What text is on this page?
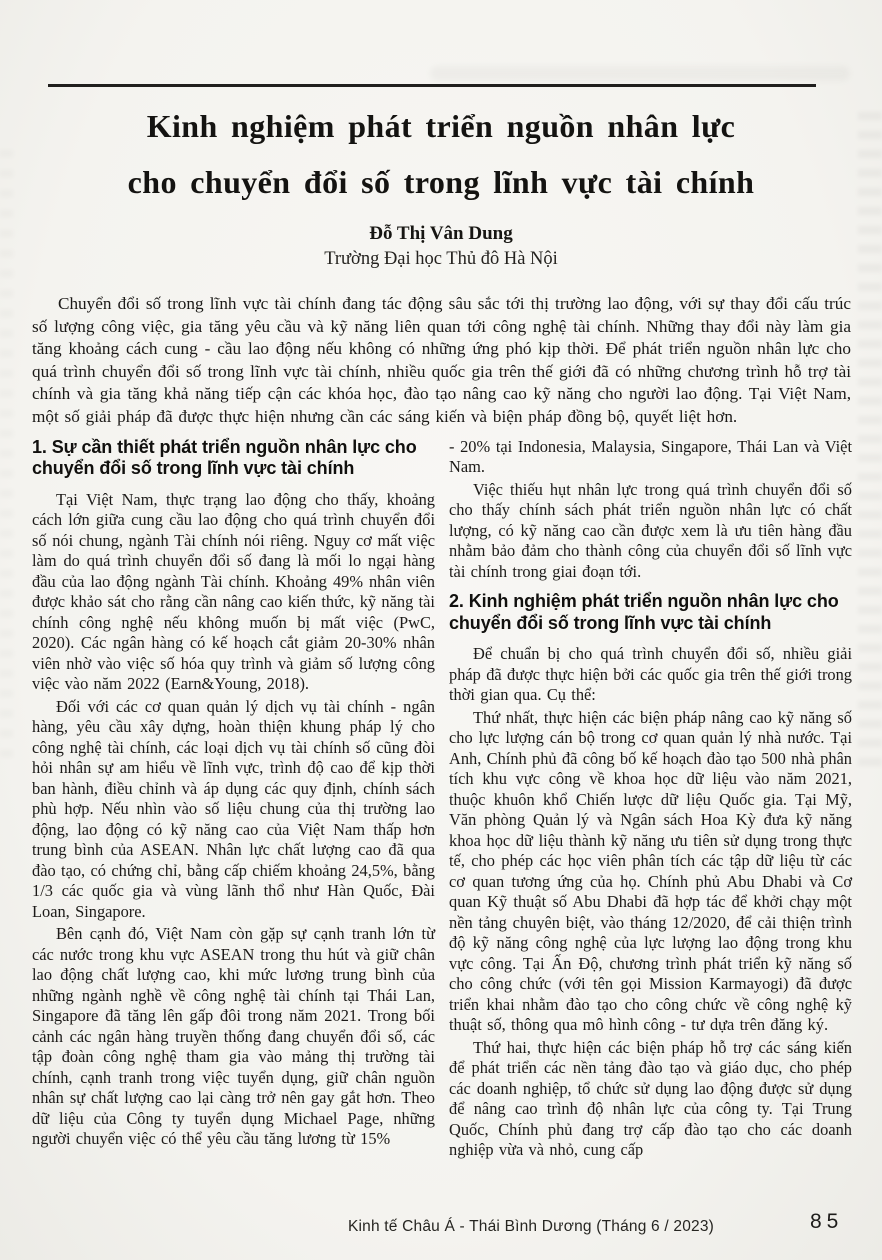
Kinh nghiệm phát triển nguồn nhân lực
cho chuyển đổi số trong lĩnh vực tài chính
Đỗ Thị Vân Dung
Trường Đại học Thủ đô Hà Nội

Chuyển đổi số trong lĩnh vực tài chính đang tác động sâu sắc tới thị trường lao động, với sự thay đổi cấu trúc số lượng công việc, gia tăng yêu cầu và kỹ năng liên quan tới công nghệ tài chính. Những thay đổi này làm gia tăng khoảng cách cung - cầu lao động nếu không có những ứng phó kịp thời. Để phát triển nguồn nhân lực cho quá trình chuyển đổi số trong lĩnh vực tài chính, nhiều quốc gia trên thế giới đã có những chương trình hỗ trợ tài chính và gia tăng khả năng tiếp cận các khóa học, đào tạo nâng cao kỹ năng cho người lao động. Tại Việt Nam, một số giải pháp đã được thực hiện nhưng cần các sáng kiến và biện pháp đồng bộ, quyết liệt hơn.

1. Sự cần thiết phát triển nguồn nhân lực cho chuyển đổi số trong lĩnh vực tài chính

Tại Việt Nam, thực trạng lao động cho thấy, khoảng cách lớn giữa cung cầu lao động cho quá trình chuyển đổi số nói chung, ngành Tài chính nói riêng. Nguy cơ mất việc làm do quá trình chuyển đổi số đang là mối lo ngại hàng đầu của lao động ngành Tài chính. Khoảng 49% nhân viên được khảo sát cho rằng cần nâng cao kiến thức, kỹ năng tài chính công nghệ nếu không muốn bị mất việc (PwC, 2020). Các ngân hàng có kế hoạch cắt giảm 20-30% nhân viên nhờ vào việc số hóa quy trình và giảm số lượng công việc vào năm 2022 (Earn&Young, 2018).

Đối với các cơ quan quản lý dịch vụ tài chính - ngân hàng, yêu cầu xây dựng, hoàn thiện khung pháp lý cho công nghệ tài chính, các loại dịch vụ tài chính số cũng đòi hỏi nhân sự am hiểu về lĩnh vực, trình độ cao để kịp thời ban hành, điều chỉnh và áp dụng các quy định, chính sách phù hợp. Nếu nhìn vào số liệu chung của thị trường lao động, lao động có kỹ năng cao của Việt Nam thấp hơn trung bình của ASEAN. Nhân lực chất lượng cao đã qua đào tạo, có chứng chỉ, bằng cấp chiếm khoảng 24,5%, bằng 1/3 các quốc gia và vùng lãnh thổ như Hàn Quốc, Đài Loan, Singapore.

Bên cạnh đó, Việt Nam còn gặp sự cạnh tranh lớn từ các nước trong khu vực ASEAN trong thu hút và giữ chân lao động chất lượng cao, khi mức lương trung bình của những ngành nghề về công nghệ tài chính tại Thái Lan, Singapore đã tăng lên gấp đôi trong năm 2021. Trong bối cảnh các ngân hàng truyền thống đang chuyển đổi số, các tập đoàn công nghệ tham gia vào mảng thị trường tài chính, cạnh tranh trong việc tuyển dụng, giữ chân nguồn nhân sự chất lượng cao lại càng trở nên gay gắt hơn. Theo dữ liệu của Công ty tuyển dụng Michael Page, những người chuyển việc có thể yêu cầu tăng lương từ 15%

- 20% tại Indonesia, Malaysia, Singapore, Thái Lan và Việt Nam.

Việc thiếu hụt nhân lực trong quá trình chuyển đổi số cho thấy chính sách phát triển nguồn nhân lực có chất lượng, có kỹ năng cao cần được xem là ưu tiên hàng đầu nhằm bảo đảm cho thành công của chuyển đổi số lĩnh vực tài chính trong giai đoạn tới.

2. Kinh nghiệm phát triển nguồn nhân lực cho chuyển đổi số trong lĩnh vực tài chính

Để chuẩn bị cho quá trình chuyển đổi số, nhiều giải pháp đã được thực hiện bởi các quốc gia trên thế giới trong thời gian qua. Cụ thể:

Thứ nhất, thực hiện các biện pháp nâng cao kỹ năng số cho lực lượng cán bộ trong cơ quan quản lý nhà nước. Tại Anh, Chính phủ đã công bố kế hoạch đào tạo 500 nhà phân tích khu vực công về khoa học dữ liệu vào năm 2021, thuộc khuôn khổ Chiến lược dữ liệu Quốc gia. Tại Mỹ, Văn phòng Quản lý và Ngân sách Hoa Kỳ đưa kỹ năng khoa học dữ liệu thành kỹ năng ưu tiên sử dụng trong thực tế, cho phép các học viên phân tích các tập dữ liệu từ các cơ quan tương ứng của họ. Chính phủ Abu Dhabi và Cơ quan Kỹ thuật số Abu Dhabi đã hợp tác để khởi chạy một nền tảng chuyên biệt, vào tháng 12/2020, để cải thiện trình độ kỹ năng công nghệ của lực lượng lao động trong khu vực công. Tại Ấn Độ, chương trình phát triển kỹ năng số cho công chức (với tên gọi Mission Karmayogi) đã được triển khai nhằm đào tạo cho công chức về công nghệ kỹ thuật số, thông qua mô hình công - tư dựa trên đăng ký.

Thứ hai, thực hiện các biện pháp hỗ trợ các sáng kiến để phát triển các nền tảng đào tạo và giáo dục, cho phép các doanh nghiệp, tổ chức sử dụng lao động được sử dụng để nâng cao trình độ nhân lực của công ty. Tại Trung Quốc, Chính phủ đang trợ cấp đào tạo cho các doanh nghiệp vừa và nhỏ, cung cấp

Kinh tế Châu Á - Thái Bình Dương (Tháng 6 / 2023)	85
